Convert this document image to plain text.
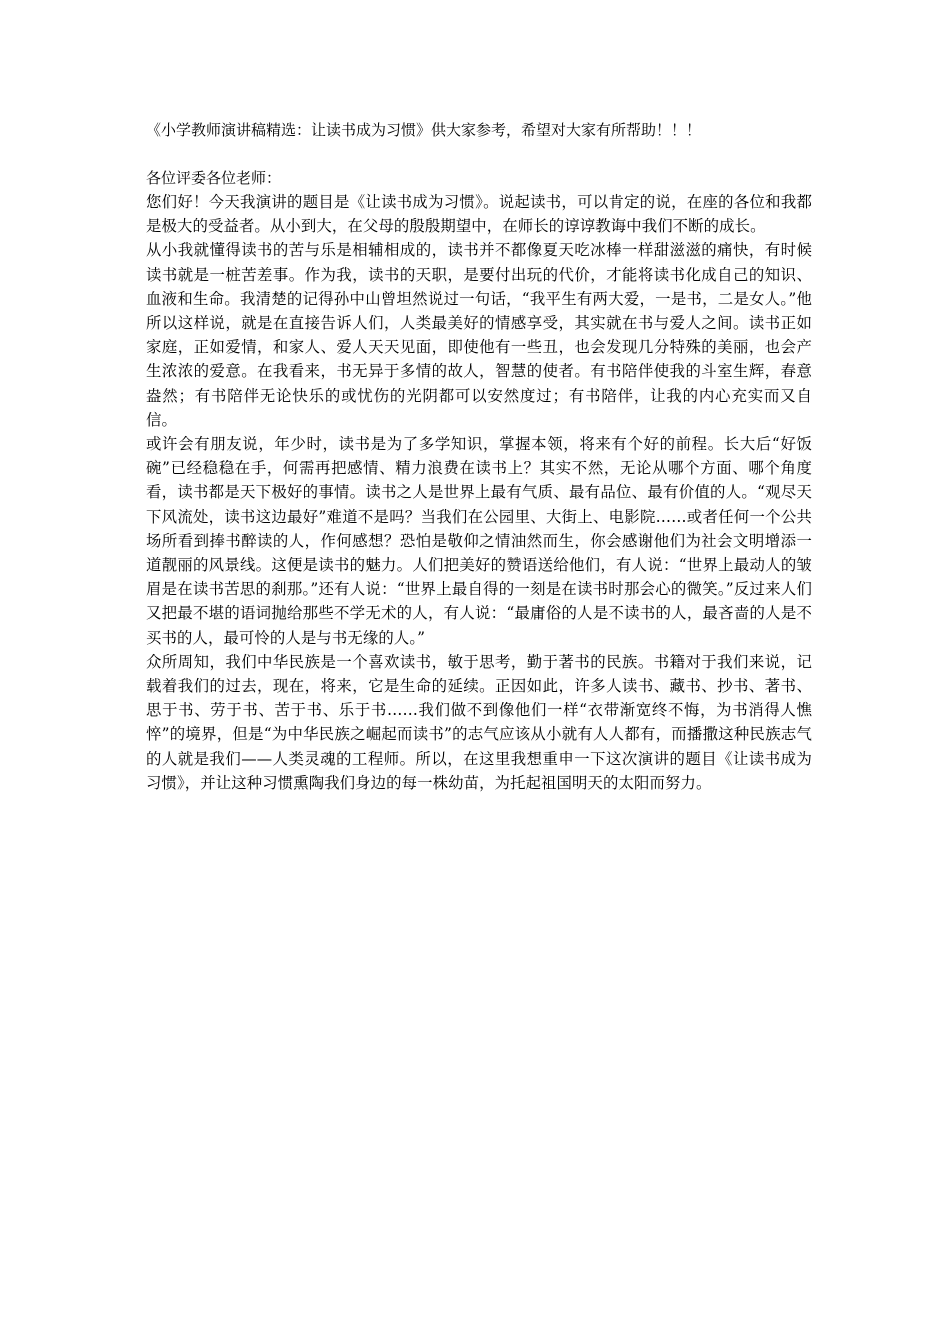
《小学教师演讲稿精选：让读书成为习惯》供大家参考，希望对大家有所帮助！！！

各位评委各位老师：

您们好！今天我演讲的题目是《让读书成为习惯》。说起读书，可以肯定的说，在座的各位和我都是极大的受益者。从小到大，在父母的殷殷期望中，在师长的谆谆教诲中我们不断的成长。

从小我就懂得读书的苦与乐是相辅相成的，读书并不都像夏天吃冰棒一样甜滋滋的痛快，有时候读书就是一桩苦差事。作为我，读书的天职，是要付出玩的代价，才能将读书化成自己的知识、血液和生命。我清楚的记得孙中山曾坦然说过一句话，“我平生有两大爱，一是书，二是女人。”他所以这样说，就是在直接告诉人们，人类最美好的情感享受，其实就在书与爱人之间。读书正如家庭，正如爱情，和家人、爱人天天见面，即使他有一些丑，也会发现几分特殊的美丽，也会产生浓浓的爱意。在我看来，书无异于多情的故人，智慧的使者。有书陪伴使我的斗室生辉，春意盎然；有书陪伴无论快乐的或忧伤的光阴都可以安然度过；有书陪伴，让我的内心充实而又自信。

或许会有朋友说，年少时，读书是为了多学知识，掌握本领，将来有个好的前程。长大后“好饭碗”已经稳稳在手，何需再把感情、精力浪费在读书上？其实不然，无论从哪个方面、哪个角度看，读书都是天下极好的事情。读书之人是世界上最有气质、最有品位、最有价值的人。“观尽天下风流处，读书这边最好”难道不是吗？当我们在公园里、大街上、电影院……或者任何一个公共场所看到捧书醉读的人，作何感想？恐怕是敬仰之情油然而生，你会感谢他们为社会文明增添一道靓丽的风景线。这便是读书的魅力。人们把美好的赞语送给他们，有人说：“世界上最动人的皱眉是在读书苦思的刹那。”还有人说：“世界上最自得的一刻是在读书时那会心的微笑。”反过来人们又把最不堪的语词抛给那些不学无术的人，有人说：“最庸俗的人是不读书的人，最吝啬的人是不买书的人，最可怜的人是与书无缘的人。”

众所周知，我们中华民族是一个喜欢读书，敏于思考，勤于著书的民族。书籍对于我们来说，记载着我们的过去，现在，将来，它是生命的延续。正因如此，许多人读书、藏书、抄书、著书、思于书、劳于书、苦于书、乐于书……我们做不到像他们一样“衣带渐宽终不悔，为书消得人憔悴”的境界，但是“为中华民族之崛起而读书”的志气应该从小就有人人都有，而播撒这种民族志气的人就是我们——人类灵魂的工程师。所以，在这里我想重申一下这次演讲的题目《让读书成为习惯》，并让这种习惯熏陶我们身边的每一株幼苗，为托起祖国明天的太阳而努力。
